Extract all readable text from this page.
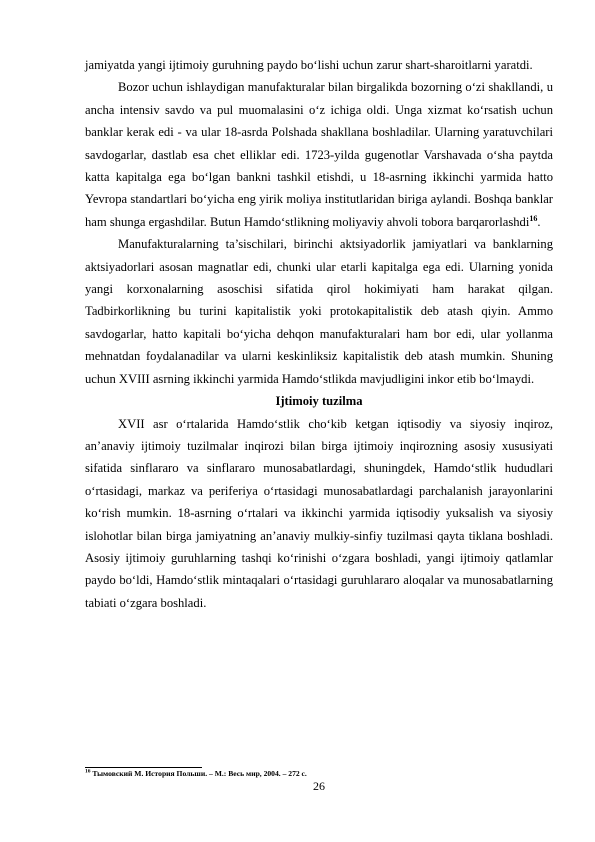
jamiyatda yangi ijtimoiy guruhning paydo bo‘lishi uchun zarur shart-sharoitlarni yaratdi.

Bozor uchun ishlaydigan manufakturalar bilan birgalikda bozorning o‘zi shakllandi, u ancha intensiv savdo va pul muomalasini o‘z ichiga oldi. Unga xizmat ko‘rsatish uchun banklar kerak edi - va ular 18-asrda Polshada shakllana boshladilar. Ularning yaratuvchilari savdogarlar, dastlab esa chet elliklar edi. 1723-yilda gugenotlar Varshavada o‘sha paytda katta kapitalga ega bo‘lgan bankni tashkil etishdi, u 18-asrning ikkinchi yarmida hatto Yevropa standartlari bo‘yicha eng yirik moliya institutlaridan biriga aylandi. Boshqa banklar ham shunga ergashdilar. Butun Hamdo‘stlikning moliyaviy ahvoli tobora barqarorlashdi$^{16}$.

Manufakturalarning ta’sischilari, birinchi aktsiyadorlik jamiyatlari va banklarning aktsiyadorlari asosan magnatlar edi, chunki ular etarli kapitalga ega edi. Ularning yonida yangi korxonalarning asoschisi sifatida qirol hokimiyati ham harakat qilgan. Tadbirkorlikning bu turini kapitalistik yoki protokapitalistik deb atash qiyin. Ammo savdogarlar, hatto kapitali bo‘yicha dehqon manufakturalari ham bor edi, ular yollanma mehnatdan foydalanadilar va ularni keskinliksiz kapitalistik deb atash mumkin. Shuning uchun XVIII asrning ikkinchi yarmida Hamdo‘stlikda mavjudligini inkor etib bo‘lmaydi.

Ijtimoiy tuzilma

XVII asr o‘rtalarida Hamdo‘stlik cho‘kib ketgan iqtisodiy va siyosiy inqiroz, an’anaviy ijtimoiy tuzilmalar inqirozi bilan birga ijtimoiy inqirozning asosiy xususiyati sifatida sinflararo va sinflararo munosabatlardagi, shuningdek, Hamdo‘stlik hududlari o‘rtasidagi, markaz va periferiya o‘rtasidagi munosabatlardagi parchalanish jarayonlarini ko‘rish mumkin. 18-asrning o‘rtalari va ikkinchi yarmida iqtisodiy yuksalish va siyosiy islohotlar bilan birga jamiyatning an’anaviy mulkiy-sinfiy tuzilmasi qayta tiklana boshladi. Asosiy ijtimoiy guruhlarning tashqi ko‘rinishi o‘zgara boshladi, yangi ijtimoiy qatlamlar paydo bo‘ldi, Hamdo‘stlik mintaqalari o‘rtasidagi guruhlararo aloqalar va munosabatlarning tabiati o‘zgara boshladi.

$^{16}$ Тымовский М. История Польши. – М.: Весь мир, 2004. – 272 с.
26
